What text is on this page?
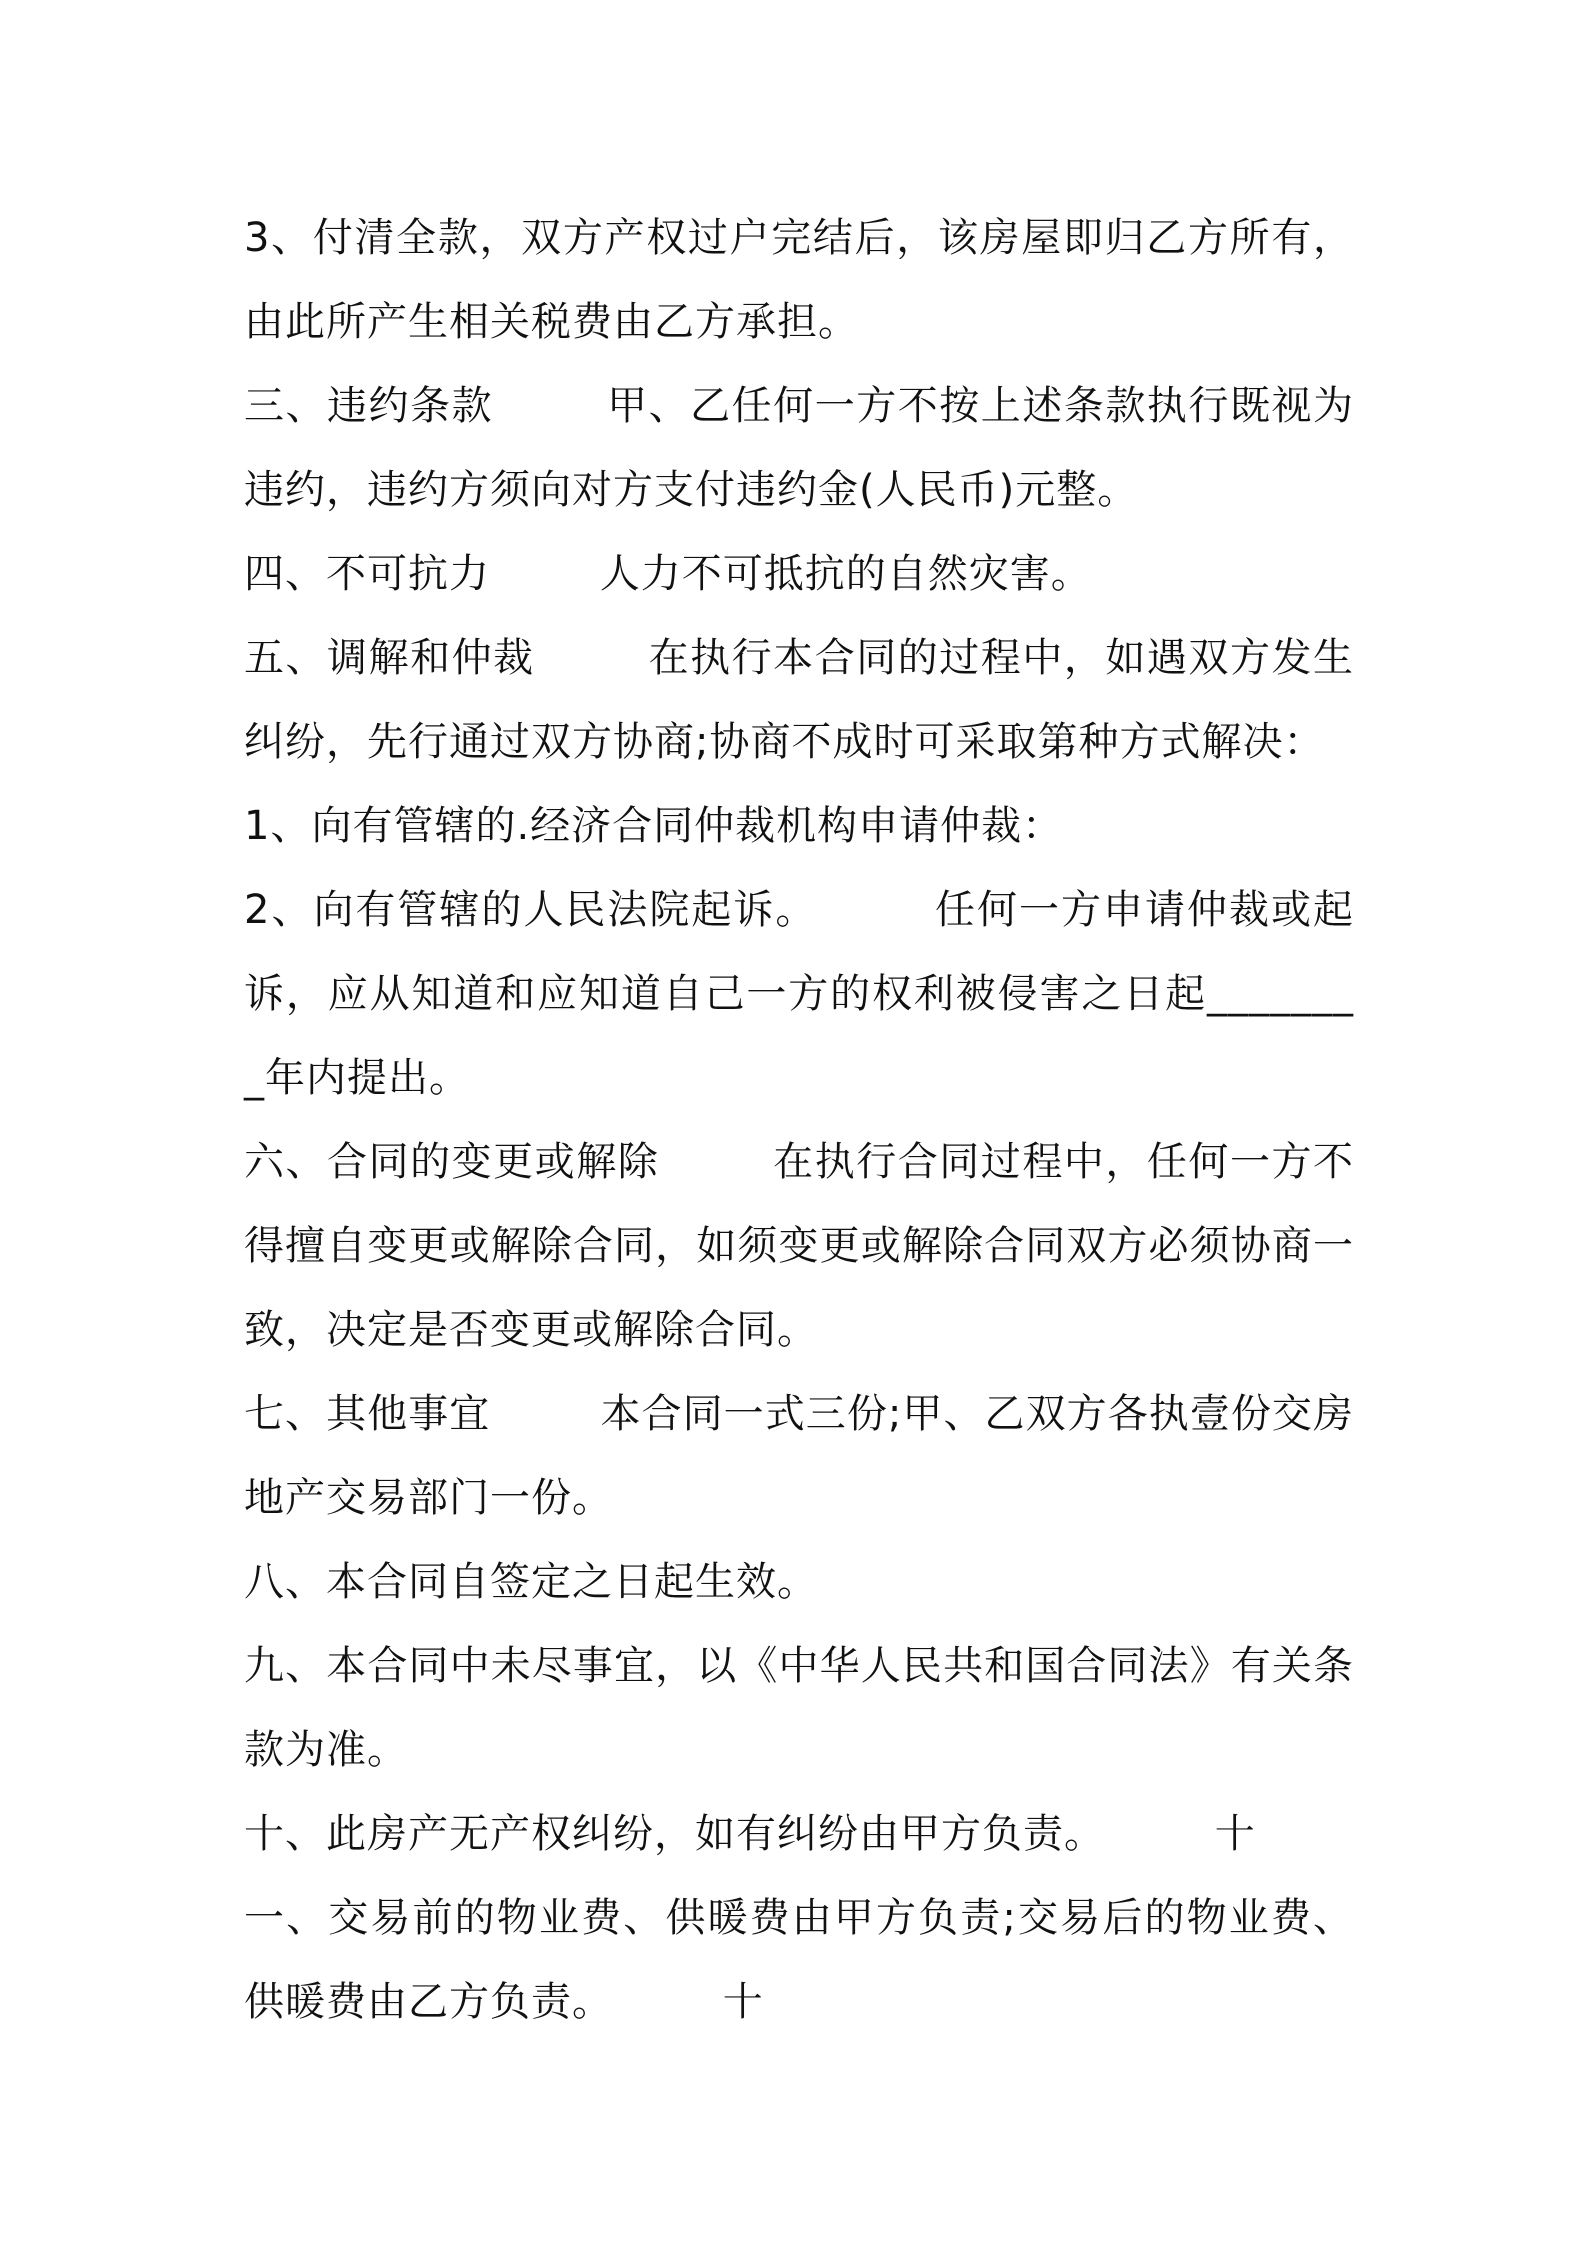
3、付清全款，双方产权过户完结后，该房屋即归乙方所有，由此所产生相关税费由乙方承担。

三、违约条款        甲、乙任何一方不按上述条款执行既视为违约，违约方须向对方支付违约金(人民币)元整。

四、不可抗力        人力不可抵抗的自然灾害。

五、调解和仲裁        在执行本合同的过程中，如遇双方发生纠纷，先行通过双方协商;协商不成时可采取第种方式解决：

1、向有管辖的.经济合同仲裁机构申请仲裁：

2、向有管辖的人民法院起诉。        任何一方申请仲裁或起诉，应从知道和应知道自己一方的权利被侵害之日起________年内提出。

六、合同的变更或解除        在执行合同过程中，任何一方不得擅自变更或解除合同，如须变更或解除合同双方必须协商一致，决定是否变更或解除合同。

七、其他事宜        本合同一式三份;甲、乙双方各执壹份交房地产交易部门一份。

八、本合同自签定之日起生效。

九、本合同中未尽事宜，以《中华人民共和国合同法》有关条款为准。

十、此房产无产权纠纷，如有纠纷由甲方负责。        十

一、交易前的物业费、供暖费由甲方负责;交易后的物业费、供暖费由乙方负责。        十
